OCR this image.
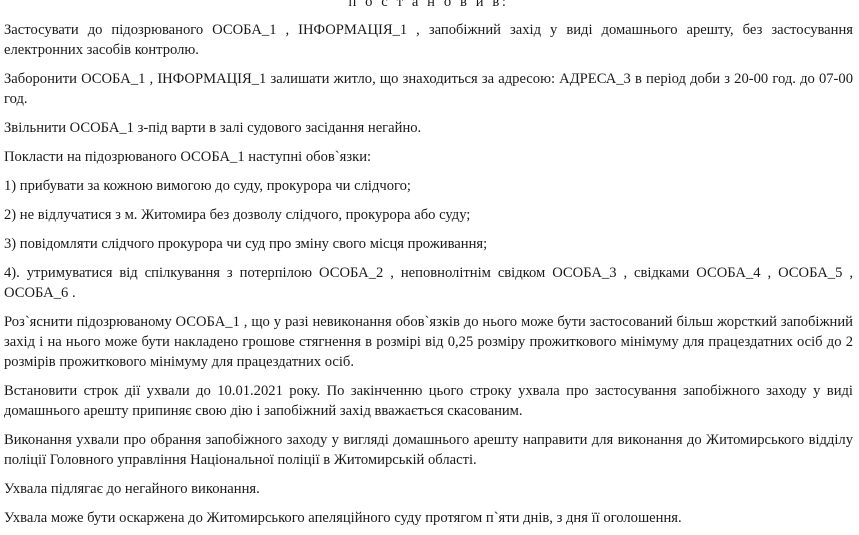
п о с т а н о в и в:

Застосувати до підозрюваного ОСОБА_1 , ІНФОРМАЦІЯ_1 , запобіжний захід у виді домашнього арешту, без застосування електронних засобів контролю.

Заборонити ОСОБА_1 , ІНФОРМАЦІЯ_1 залишати житло, що знаходиться за адресою: АДРЕСА_3 в період доби з 20-00 год. до 07-00 год.

Звільнити ОСОБА_1 з-під варти в залі судового засідання негайно.

Покласти на підозрюваного ОСОБА_1 наступні обов`язки:

1) прибувати за кожною вимогою до суду, прокурора чи слідчого;

2) не відлучатися з м. Житомира без дозволу слідчого, прокурора або суду;

3) повідомляти слідчого прокурора чи суд про зміну свого місця проживання;

4). утримуватися від спілкування з потерпілою ОСОБА_2 , неповнолітнім свідком ОСОБА_3 , свідками ОСОБА_4 , ОСОБА_5 , ОСОБА_6 .

Роз`яснити підозрюваному ОСОБА_1 , що у разі невиконання обов`язків до нього може бути застосований більш жорсткий запобіжний захід і на нього може бути накладено грошове стягнення в розмірі від 0,25 розміру прожиткового мінімуму для працездатних осіб до 2 розмірів прожиткового мінімуму для працездатних осіб.

Встановити строк дії ухвали до 10.01.2021 року. По закінченню цього строку ухвала про застосування запобіжного заходу у виді домашнього арешту припиняє свою дію і запобіжний захід вважається скасованим.

Виконання ухвали про обрання запобіжного заходу у вигляді домашнього арешту направити для виконання до Житомирського відділу поліції Головного управління Національної поліції в Житомирській області.

Ухвала підлягає до негайного виконання.

Ухвала може бути оскаржена до Житомирського апеляційного суду протягом п`яти днів, з дня її оголошення.
